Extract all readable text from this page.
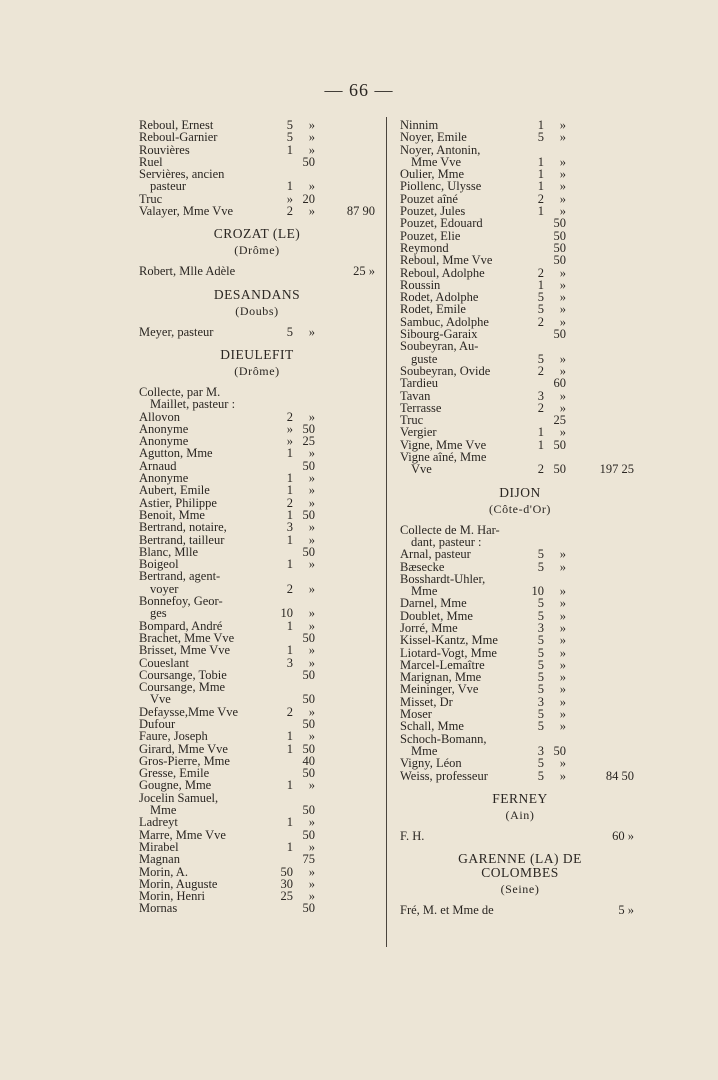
— 66 —
Reboul, Ernest	5 »
Reboul-Garnier	5 »
Rouvières	1 »
Ruel	50
Servières, ancien
pasteur	1 »
Truc	» 20
Valayer, Mme Vve	2 »	87 90
CROZAT (LE)
(Drôme)
Robert, Mlle Adèle	25 »
DESANDANS
(Doubs)
Meyer, pasteur	5 »
DIEULEFIT
(Drôme)
Collecte, par M.
Maillet, pasteur :
Allovon	2 »
Anonyme	» 50
Anonyme	» 25
Agutton, Mme	1 »
Arnaud	50
Anonyme	1 »
Aubert, Emile	1 »
Astier, Philippe	2 »
Benoit, Mme	1 50
Bertrand, notaire,	3 »
Bertrand, tailleur	1 »
Blanc, Mlle	50
Boigeol	1 »
Bertrand, agent-
voyer	2 »
Bonnefoy, Geor-
ges	10 »
Bompard, André	1 »
Brachet, Mme Vve	50
Brisset, Mme Vve	1 »
Coueslant	3 »
Coursange, Tobie	50
Coursange, Mme
Vve	50
Defaysse,Mme Vve	2 »
Dufour	50
Faure, Joseph	1 »
Girard, Mme Vve	1 50
Gros-Pierre, Mme	40
Gresse, Emile	50
Gougne, Mme	1 »
Jocelin Samuel,
Mme	50
Ladreyt	1 »
Marre, Mme Vve	50
Mirabel	1 »
Magnan	75
Morin, A.	50 »
Morin, Auguste	30 »
Morin, Henri	25 »
Mornas	50
Ninnim	1 »
Noyer, Emile	5 »
Noyer, Antonin,
Mme Vve	1 »
Oulier, Mme	1 »
Piollenc, Ulysse	1 »
Pouzet aîné	2 »
Pouzet, Jules	1 »
Pouzet, Edouard	50
Pouzet, Elie	50
Reymond	50
Reboul, Mme Vve	50
Reboul, Adolphe	2 »
Roussin	1 »
Rodet, Adolphe	5 »
Rodet, Emile	5 »
Sambuc, Adolphe	2 »
Sibourg-Garaix	50
Soubeyran, Au-
guste	5 »
Soubeyran, Ovide	2 »
Tardieu	60
Tavan	3 »
Terrasse	2 »
Truc	25
Vergier	1 »
Vigne, Mme Vve	1 50
Vigne aîné, Mme
Vve	2 50	197 25
DIJON
(Côte-d'Or)
Collecte de M. Har-
dant, pasteur :
Arnal, pasteur	5 »
Bæsecke	5 »
Bosshardt-Uhler,
Mme	10 »
Darnel, Mme	5 »
Doublet, Mme	5 »
Jorré, Mme	3 »
Kissel-Kantz, Mme	5 »
Liotard-Vogt, Mme	5 »
Marcel-Lemaître	5 »
Marignan, Mme	5 »
Meininger, Vve	5 »
Misset, Dr	3 »
Moser	5 »
Schall, Mme	5 »
Schoch-Bomann,
Mme	3 50
Vigny, Léon	5 »
Weiss, professeur	5 »	84 50
FERNEY
(Ain)
F. H.	60 »
GARENNE (LA) DE
COLOMBES
(Seine)
Fré, M. et Mme de	5 »
